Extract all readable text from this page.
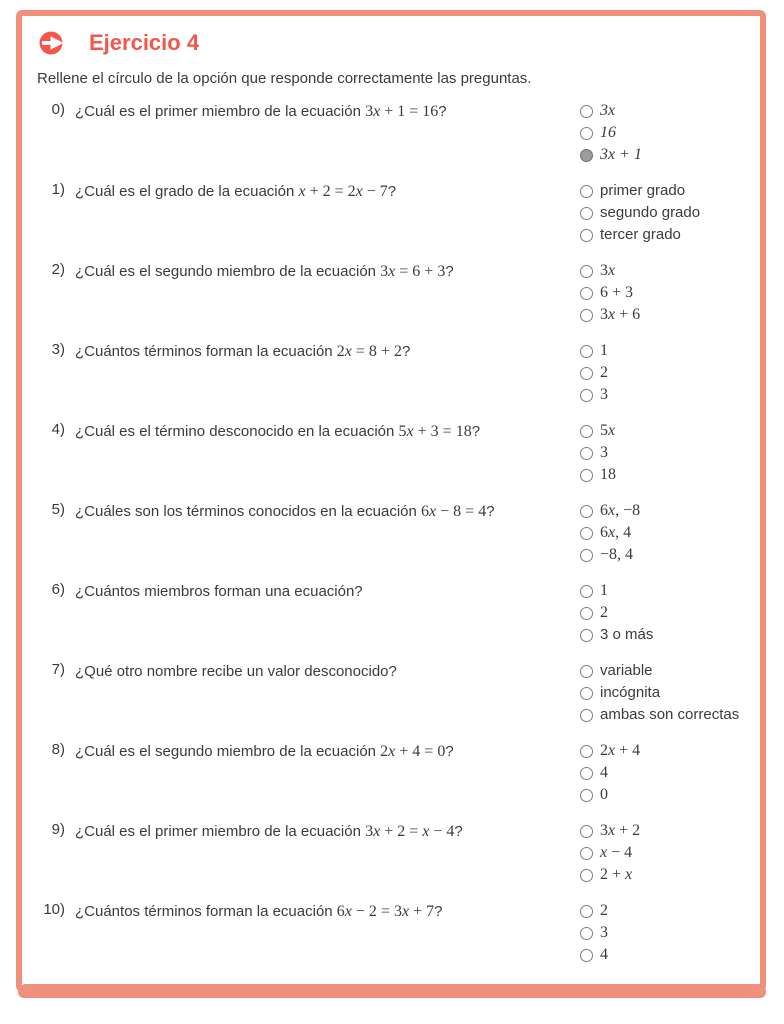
Ejercicio 4
Rellene el círculo de la opción que responde correctamente las preguntas.
0) ¿Cuál es el primer miembro de la ecuación 3x + 1 = 16?	3x
16
3x + 1
1) ¿Cuál es el grado de la ecuación x + 2 = 2x − 7?	primer grado
segundo grado
tercer grado
2) ¿Cuál es el segundo miembro de la ecuación 3x = 6 + 3?	3x
6 + 3
3x + 6
3) ¿Cuántos términos forman la ecuación 2x = 8 + 2?	1
2
3
4) ¿Cuál es el término desconocido en la ecuación 5x + 3 = 18?	5x
3
18
5) ¿Cuáles son los términos conocidos en la ecuación 6x − 8 = 4?	6x, −8
6x, 4
−8, 4
6) ¿Cuántos miembros forman una ecuación?	1
2
3 o más
7) ¿Qué otro nombre recibe un valor desconocido?	variable
incógnita
ambas son correctas
8) ¿Cuál es el segundo miembro de la ecuación 2x + 4 = 0?	2x + 4
4
0
9) ¿Cuál es el primer miembro de la ecuación 3x + 2 = x − 4?	3x + 2
x − 4
2 + x
10) ¿Cuántos términos forman la ecuación 6x − 2 = 3x + 7?	2
3
4
